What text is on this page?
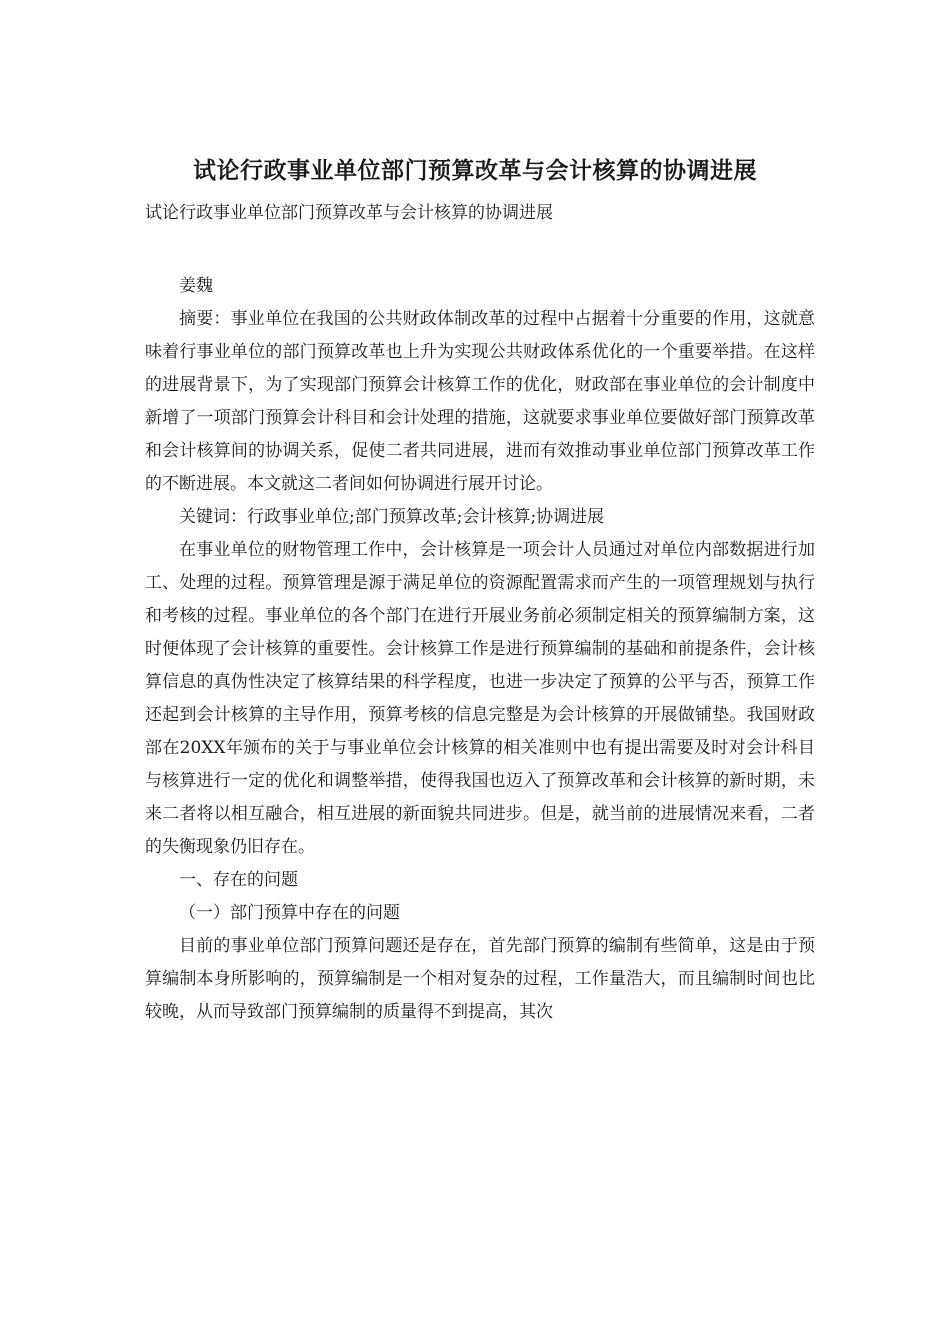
试论行政事业单位部门预算改革与会计核算的协调进展

试论行政事业单位部门预算改革与会计核算的协调进展

姜魏

摘要：事业单位在我国的公共财政体制改革的过程中占据着十分重要的作用，这就意味着行事业单位的部门预算改革也上升为实现公共财政体系优化的一个重要举措。在这样的进展背景下，为了实现部门预算会计核算工作的优化，财政部在事业单位的会计制度中新增了一项部门预算会计科目和会计处理的措施，这就要求事业单位要做好部门预算改革和会计核算间的协调关系，促使二者共同进展，进而有效推动事业单位部门预算改革工作的不断进展。本文就这二者间如何协调进行展开讨论。

关键词：行政事业单位;部门预算改革;会计核算;协调进展

在事业单位的财物管理工作中，会计核算是一项会计人员通过对单位内部数据进行加工、处理的过程。预算管理是源于满足单位的资源配置需求而产生的一项管理规划与执行和考核的过程。事业单位的各个部门在进行开展业务前必须制定相关的预算编制方案，这时便体现了会计核算的重要性。会计核算工作是进行预算编制的基础和前提条件，会计核算信息的真伪性决定了核算结果的科学程度，也进一步决定了预算的公平与否，预算工作还起到会计核算的主导作用，预算考核的信息完整是为会计核算的开展做铺垫。我国财政部在20XX年颁布的关于与事业单位会计核算的相关准则中也有提出需要及时对会计科目与核算进行一定的优化和调整举措，使得我国也迈入了预算改革和会计核算的新时期，未来二者将以相互融合，相互进展的新面貌共同进步。但是，就当前的进展情况来看，二者的失衡现象仍旧存在。

一、存在的问题

（一）部门预算中存在的问题

目前的事业单位部门预算问题还是存在，首先部门预算的编制有些简单，这是由于预算编制本身所影响的，预算编制是一个相对复杂的过程，工作量浩大，而且编制时间也比较晚，从而导致部门预算编制的质量得不到提高，其次
